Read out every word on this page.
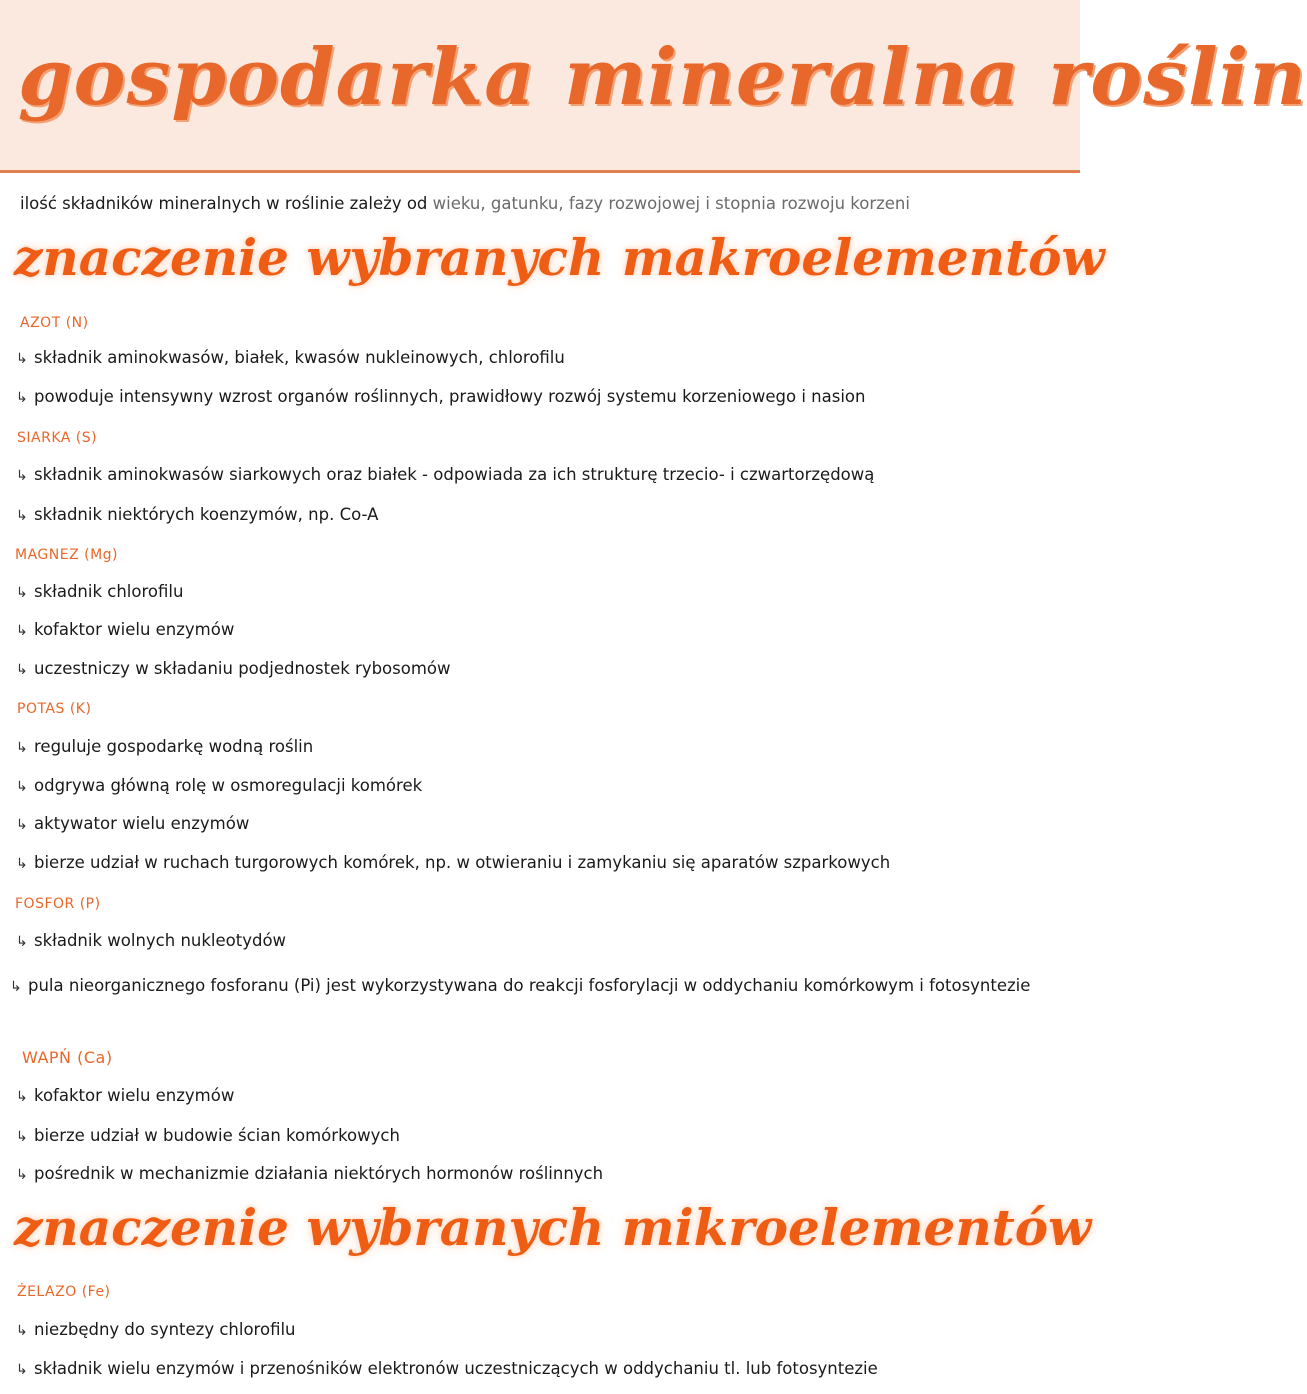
gospodarka mineralna roślin
ilość składników mineralnych w roślinie zależy od wieku, gatunku, fazy rozwojowej i stopnia rozwoju korzeni
znaczenie wybranych makroelementów
AZOT (N)
↳ składnik aminokwasów, białek, kwasów nukleinowych, chlorofilu
↳ powoduje intensywny wzrost organów roślinnych, prawidłowy rozwój systemu korzeniowego i nasion
SIARKA (S)
↳ składnik aminokwasów siarkowych oraz białek - odpowiada za ich strukturę trzecio- i czwartorzędową
↳ składnik niektórych koenzymów, np. Co-A
MAGNEZ (Mg)
↳ składnik chlorofilu
↳ kofaktor wielu enzymów
↳ uczestniczy w składaniu podjednostek rybosomów
POTAS (K)
↳ reguluje gospodarkę wodną roślin
↳ odgrywa główną rolę w osmoregulacji komórek
↳ aktywator wielu enzymów
↳ bierze udział w ruchach turgorowych komórek, np. w otwieraniu i zamykaniu się aparatów szparkowych
FOSFOR (P)
↳ składnik wolnych nukleotydów
↳ pula nieorganicznego fosforanu (Pi) jest wykorzystywana do reakcji fosforylacji w oddychaniu komórkowym i fotosyntezie
WAPŃ (Ca)
↳ kofaktor wielu enzymów
↳ bierze udział w budowie ścian komórkowych
↳ pośrednik w mechanizmie działania niektórych hormonów roślinnych
znaczenie wybranych mikroelementów
ŻELAZO (Fe)
↳ niezbędny do syntezy chlorofilu
↳ składnik wielu enzymów i przenośników elektronów uczestniczących w oddychaniu tl. lub fotosyntezie
